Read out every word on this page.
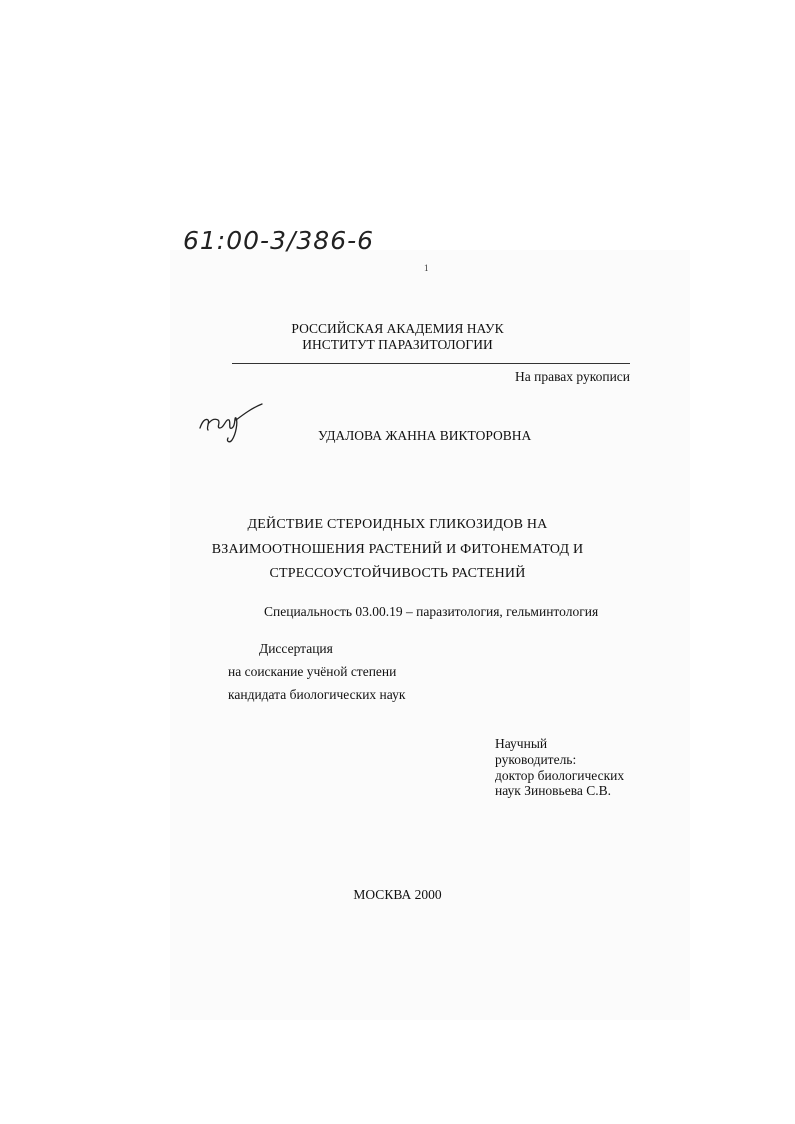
61:00-3/386-6
1
РОССИЙСКАЯ АКАДЕМИЯ НАУК
ИНСТИТУТ ПАРАЗИТОЛОГИИ
На правах рукописи
УДАЛОВА ЖАННА ВИКТОРОВНА
ДЕЙСТВИЕ СТЕРОИДНЫХ ГЛИКОЗИДОВ НА
ВЗАИМООТНОШЕНИЯ РАСТЕНИЙ И ФИТОНЕМАТОД И
СТРЕССОУСТОЙЧИВОСТЬ РАСТЕНИЙ
Специальность 03.00.19 – паразитология, гельминтология
Диссертация
на соискание учёной степени
кандидата биологических наук
Научный
руководитель:
доктор биологических
наук Зиновьева С.В.
МОСКВА 2000
